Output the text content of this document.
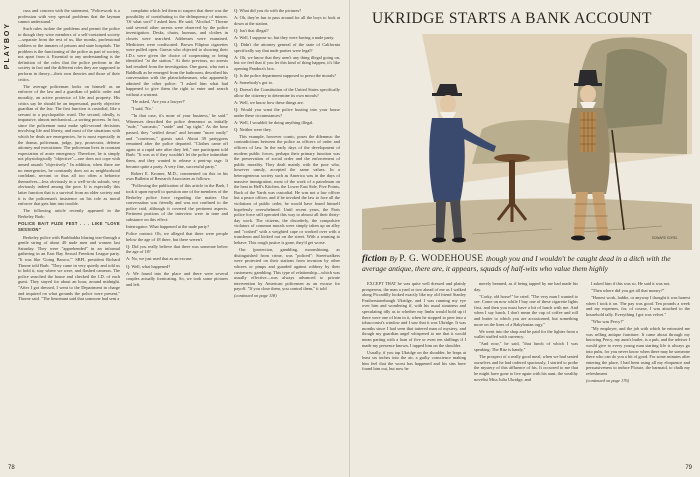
PLAYBOY

cuss and concern with the statement, "Policework is a profession with very special problems that the layman cannot understand."

Such rules isolate the problems and permit the police to though they were members of a self-contained society—separate from the rest of us, like monks, professional soldiers or the inmates of prisons and state hospitals. The problem is the functioning of the police as part of society, not apart from it. Essential to any understanding is the definition of the roles that the police perform in the society in fact and the different roles they are supposed to perform in theory—their own theories and those of their critics.

The average policeman looks on himself as an enforcer of the law and a guardian of public order and morality, an active protector of life and property. His critics say he should be an impersonal, purely objective guardian of the law. The first function is custodial, like a servant to a psychopathic ward. The second, ideally, is impassive, almost mechanical—a sorting process. In fact, since the policeman must make split-second decisions involving life and liberty, and most of the situations with which he deals are emergencies, he is most especially in the drama, policeman, judge, jury, prosecutor, defense attorney and executioner. The policeman lives in constant expectation of acute emergency. Therefore, he is simply not physiologically "objective"—one does not cope with armed assault "objectively." In addition, when there are no emergencies, he constantly does act as neighborhood confidant, servant or thus all too often a behavior themselves—less obviously in a well-to-do suburb, very obviously indeed among the poor. It is especially this latter function that is a survival from an older society and it is the policeman's insistence on his role as moral enforcer that gets him into trouble.

The following article recently appeared in the Berkeley Barb:

POLICE BAIT FUZE FEST . . . LIKE "LOVE SESSION"

Berkeley police with Burbhukha blazing tear-through a gentle string of about 40 nude men and women last Saturday. They were "apprehended" in an informal gathering in an East Bay Sexual Freedom League party. "It was like 'Going Baroco,'" SBFL president Richard Thorne told Barb. "They came in very quietly and told us to hold it, stay where we were, and flashed cameras. The police searched the house and checked the I.D. of each guest. They stayed for about an hour, around midnight. "After I got dressed, I went to the Department in charge and inquired on what grounds the police were present," Thorne said. "The lieutenant said that someone had sent a

complaint which led them to suspect that there was the possibility of contributing to the delinquency of minors. 'Of what sort?' I asked him. He said, 'Alcohol.'" Thorne said several other arrests were observed by the police investigation. Desks, chairs, bureaus, and clothes in closets were searched. Addresses were examined. Medicines were confiscated. Brown Filipino cigarettes were pulled open. Guests who objected to showing their I.D.s were given the choice of cooperating or being identified "at the station." At their previous, no arrests had resulted from the investigation. One guest, who met a Baldhulk as he emerged from the bathroom, described his conversation with the plainclothesman, who apparently admired the other police: "I asked him what had happened to give them the right to enter and search without a warrant.

"He asked, 'Are you a lawyer?'

"I said, 'No.'

"'In that case, it's none of your business,' he said." Witnesses described the police demeanor as initially "rude," "sarcastic," "snide" and "up tight." As the hour passed, they "settled down" and became "more easily" and "courteous," guests said. About 39 partygoers remained after the police departed. "Clothes came off again at a rapid rate after they left," one participant told Barb. "It was as if they wouldn't let the police intimidate them, and they wanted to release a pent-up rage. It became quite a party. A very fine, successful party."

Robert E. Kromer, M.D., commented on this in his own Bulletin of Research Associates as follows:

"Following the publication of this article in the Barb, I took it upon myself to question one of the members of the Berkeley police force regarding the matter. Our conversation was friendly and was not confined to the police raid, although it covered the pertinent aspects. Pertinent portions of the interview were in tone and substance on this effect:

Interrogator: What happened at the nude party?

Police contact: Oh, we alleged that there were people below the age of 18 there, but there weren't.

Q: Did you really believe that there was someone below the age of 18?

A: No, we just used that as an excuse.

Q: Well, what happened?

A: We found into the place and there were several couples actually fornicating. So, we took some pictures and left.

Q: What did you do with the pictures?

A: Oh, they're fun to pass around for all the boys to look at down at the station.

Q: Isn't that illegal?

A: Well, I suppose so, but they were having a nude party.

Q: Didn't the attorney general of the state of California specifically say that nude parties were legal?

A: Oh, we know that they aren't any thing illegal going on, but we feel that if you let this kind of thing happen, it's like opening Pandora's box.

Q: Is the police department supposed to prescribe morals?

A: Somebody's got to.

Q: Doesn't the Constitution of the United States specifically allow the citizenry to determine its own morals?

A: Well, we know how these things are.

Q: Would you want the police busting into your house under these circumstances?

A: Well, I wouldn't be doing anything illegal.

Q: Neither were they.

This example, however comic, poses the dilemma: the contradictions between the police as officers of order and officers of law. In the early days of the development of modern public forces, perhaps their primary function was the preservation of social order and the enforcement of public morality. They dealt mainly with the poor who, however unruly, accepted the same values. In a heterogeneous society such as America was in the days of massive immigration, most of the work of a patrolman on the beat in Hell's Kitchen, the Lower East Side, Five Points, Back of the Yards was custodial. He was not a law officer but a peace officer, and if he invoked the law to face all the violations of public order, he would have found himself hopelessly overwhelmed. Until recent years, the Paris police force still operated this way to almost all their thirty-day work. The citizens, the disorderly, the compulsive violators of common morals were simply taken up an alley and "coshed" with a weighted cape or worked over with a truncheon and kicked out on the street. With a warning to behave. This rough justice is gone, they'd get worse.

Our (protection, gambling, moonshining, as distinguished from crime, was "policed": Streetwalkers were protected on their stations from invasion by other whores or pimps and guarded against robbery by their customers; gambling. This type of relationship—which was usually effective—was always advanced to private intervention by American policemen as an excuse for payoff. "If you close them, you control them," it told

(continued on page 118)

78
UKRIDGE STARTS A BANK ACCOUNT
EDWARD SOREL
fiction By P. G. WODEHOUSE though you and I wouldn't be caught dead in a ditch with the average antique, there are, it appears, squads of half-wits who value them highly

EXCEPT THAT he was quite well dressed and plainly prosperous, the man a yard or two ahead of me as I walked along Piccadilly looked exactly like my old friend Stanley Featherstonehaugh Ukridge, and I was running my eye over him and wondering if, with his usual stoutness and speculating idly as to whether my limbs would hold up if there were one of him in it, when he stopped to peer into a tobacconist's window and I saw that it was Ukridge. It was months since I had seen that tattered man of mystery, and though my guardian angel whispered to me that it would mean parting with a loan of five or even ten shillings if I made my presence known, I tapped him on the shoulder.

Usually, if you tap Ukridge on the shoulder, he leaps at least six inches into the air, a guilty conscience making him feel that the worst has happened and his sins have found him out, but now he

merely beamed, as if being tapped by me had made his day.

"Corky, old horse!" he cried. "The very man I wanted to see. Come on now while I buy one of these cigarette lights first, and then you must have a bit of lunch with me. And when I say lunch, I don't mean the cup of coffee and roll and butter to which you are accustomed, but something more on the lines of a Babylonian orgy."

We went into the shop and he paid for the lighter from a wallet stuffed with currency.

"And now," he said, "that lunch of which I was speaking. The Ritz is handy."

The prospect of a really good meal, when we had seated ourselves and he had ordered spaciously, I started to probe the mystery of this affluence of his. It occurred to me that he might have gone to live again with his aunt, the wealthy novelist Miss Julia Ukridge, and

I asked him if this was so. He said it was not.

"Then where did you get all that money?"

"Honest work, laddie, or anyway I thought it was honest when I took it on. The pay was good. Ten pounds a week and my expenses, for, of course, I was attached to the household tally. Everything I got was velvet."

"Who was Percy?"

"My employer, and the job with which he entrusted me was selling antique furniture. It came about through my knowing Percy, my aunt's butler, is a pub, and the adviser I would give to every young man starting life is always go into pubs, for you never know when there may be someone there who can do you a bit of good. For some minutes after entering the place, I had been using all my eloquence and persuasiveness to induce Flossie, the barmaid, to chalk my refreshment

(continued on page 176)

79
